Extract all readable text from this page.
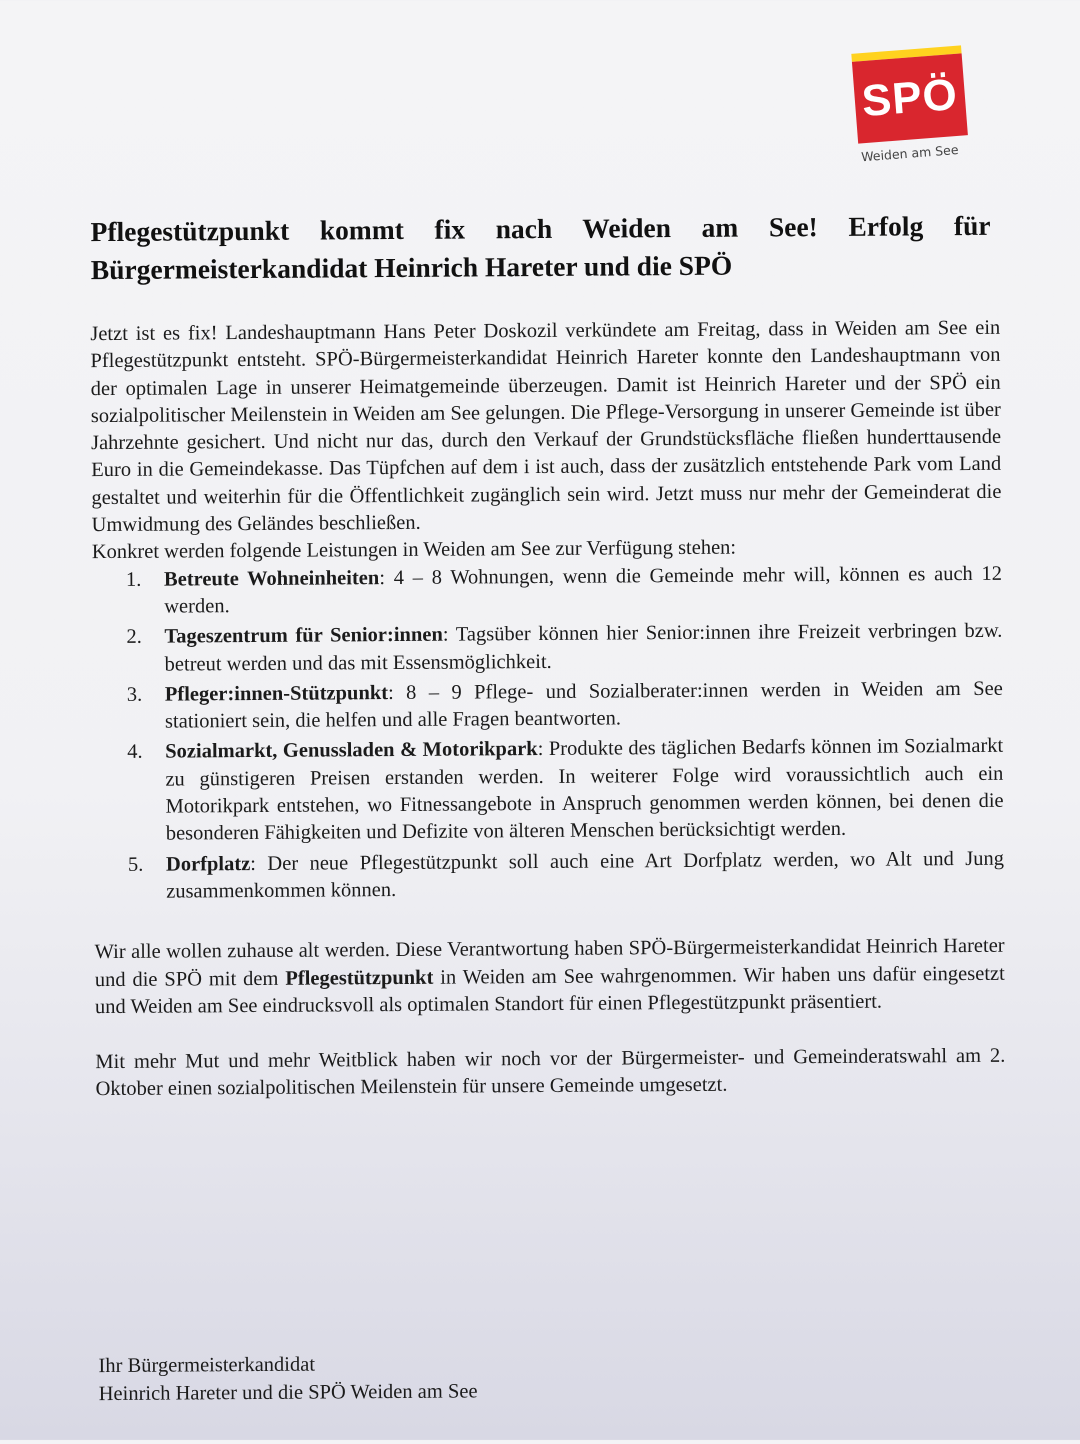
SPÖ
Weiden am See
Pflegestützpunkt kommt fix nach Weiden am See! Erfolg für Bürgermeisterkandidat Heinrich Hareter und die SPÖ

Jetzt ist es fix! Landeshauptmann Hans Peter Doskozil verkündete am Freitag, dass in Weiden am See ein Pflegestützpunkt entsteht. SPÖ-Bürgermeisterkandidat Heinrich Hareter konnte den Landeshauptmann von der optimalen Lage in unserer Heimatgemeinde überzeugen. Damit ist Heinrich Hareter und der SPÖ ein sozialpolitischer Meilenstein in Weiden am See gelungen. Die Pflege-Versorgung in unserer Gemeinde ist über Jahrzehnte gesichert. Und nicht nur das, durch den Verkauf der Grundstücksfläche fließen hunderttausende Euro in die Gemeindekasse. Das Tüpfchen auf dem i ist auch, dass der zusätzlich entstehende Park vom Land gestaltet und weiterhin für die Öffentlichkeit zugänglich sein wird. Jetzt muss nur mehr der Gemeinderat die Umwidmung des Geländes beschließen.

Konkret werden folgende Leistungen in Weiden am See zur Verfügung stehen:

1. Betreute Wohneinheiten: 4 – 8 Wohnungen, wenn die Gemeinde mehr will, können es auch 12 werden.
2. Tageszentrum für Senior:innen: Tagsüber können hier Senior:innen ihre Freizeit verbringen bzw. betreut werden und das mit Essensmöglichkeit.
3. Pfleger:innen-Stützpunkt: 8 – 9 Pflege- und Sozialberater:innen werden in Weiden am See stationiert sein, die helfen und alle Fragen beantworten.
4. Sozialmarkt, Genussladen & Motorikpark: Produkte des täglichen Bedarfs können im Sozialmarkt zu günstigeren Preisen erstanden werden. In weiterer Folge wird voraussichtlich auch ein Motorikpark entstehen, wo Fitnessangebote in Anspruch genommen werden können, bei denen die besonderen Fähigkeiten und Defizite von älteren Menschen berücksichtigt werden.
5. Dorfplatz: Der neue Pflegestützpunkt soll auch eine Art Dorfplatz werden, wo Alt und Jung zusammenkommen können.

Wir alle wollen zuhause alt werden. Diese Verantwortung haben SPÖ-Bürgermeisterkandidat Heinrich Hareter und die SPÖ mit dem Pflegestützpunkt in Weiden am See wahrgenommen. Wir haben uns dafür eingesetzt und Weiden am See eindrucksvoll als optimalen Standort für einen Pflegestützpunkt präsentiert.

Mit mehr Mut und mehr Weitblick haben wir noch vor der Bürgermeister- und Gemeinderatswahl am 2. Oktober einen sozialpolitischen Meilenstein für unsere Gemeinde umgesetzt.

Ihr Bürgermeisterkandidat
Heinrich Hareter und die SPÖ Weiden am See
